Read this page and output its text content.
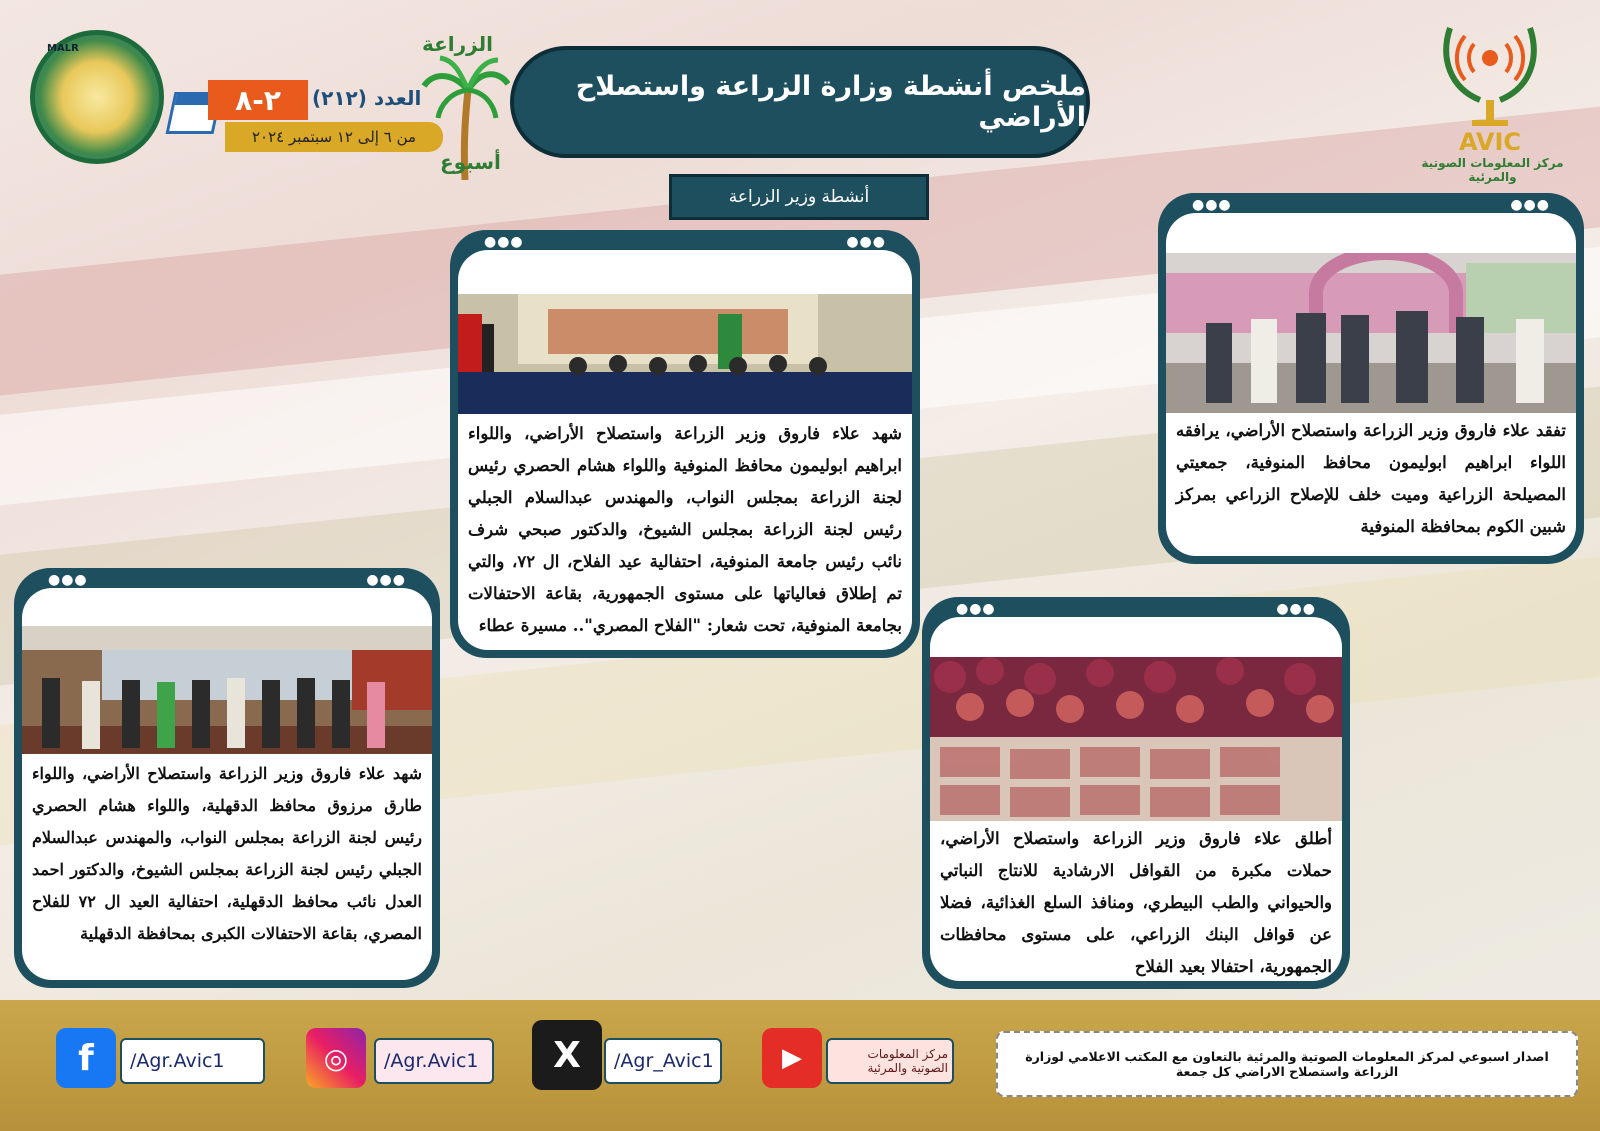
MALR
٢-٨	العدد (٢١٢)
من ٦ إلى ١٢ سبتمبر ٢٠٢٤
الزراعة
أسبوع
ملخص أنشطة وزارة الزراعة واستصلاح الأراضي
أنشطة وزير الزراعة
AVIC
مركز المعلومات الصوتية والمرئية
●●●	●●●
شهد علاء فاروق وزير الزراعة واستصلاح الأراضي، واللواء ابراهيم ابوليمون محافظ المنوفية واللواء هشام الحصري رئيس لجنة الزراعة بمجلس النواب، والمهندس عبدالسلام الجبلي رئيس لجنة الزراعة بمجلس الشيوخ، والدكتور صبحي شرف نائب رئيس جامعة المنوفية، احتفالية عيد الفلاح، ال ٧٢، والتي تم إطلاق فعالياتها على مستوى الجمهورية، بقاعة الاحتفالات بجامعة المنوفية، تحت شعار: "الفلاح المصري".. مسيرة عطاء
●●●	●●●
تفقد علاء فاروق وزير الزراعة واستصلاح الأراضي، يرافقه اللواء ابراهيم ابوليمون محافظ المنوفية، جمعيتي المصيلحة الزراعية وميت خلف للإصلاح الزراعي بمركز شبين الكوم بمحافظة المنوفية
●●●	●●●
شهد علاء فاروق وزير الزراعة واستصلاح الأراضي، واللواء طارق مرزوق محافظ الدقهلية، واللواء هشام الحصري رئيس لجنة الزراعة بمجلس النواب، والمهندس عبدالسلام الجبلي رئيس لجنة الزراعة بمجلس الشيوخ، والدكتور احمد العدل نائب محافظ الدقهلية، احتفالية العيد ال ٧٢ للفلاح المصري، بقاعة الاحتفالات الكبرى بمحافظة الدقهلية
●●●	●●●
أطلق علاء فاروق وزير الزراعة واستصلاح الأراضي، حملات مكبرة من القوافل الارشادية للانتاج النباتي والحيواني والطب البيطري، ومنافذ السلع الغذائية، فضلا عن قوافل البنك الزراعي، على مستوى محافظات الجمهورية، احتفالا بعيد الفلاح
f	/Agr.Avic1	◎	/Agr.Avic1	X	/Agr_Avic1	▶	مركز المعلومات الصوتية والمرئية
اصدار اسبوعي لمركز المعلومات الصوتية والمرئية بالتعاون مع المكتب الاعلامي لوزارة الزراعة واستصلاح الاراضي كل جمعة
